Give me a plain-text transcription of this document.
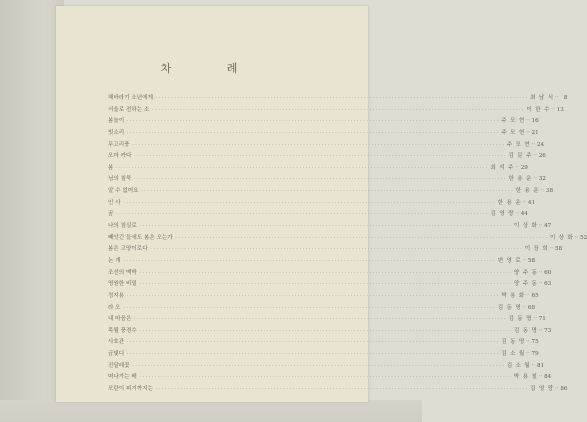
차 례
해바라기 소년에게 ························································································································ 최 남 식 ·· 8
서울로 전하는 소 ························································································································ 이 한 수 ·· 13
봄놀이 ························································································································ 주 모 현 ·· 16
빗소리 ························································································································ 주 모 현 ·· 21
무고리풍 ························································································································ 주 모 현 ·· 24
오마 카다 ························································································································ 김 문 주 ·· 26
봄 ························································································································ 최 석 주 ·· 29
님의 침묵 ························································································································ 한 용 운 ·· 32
알 수 없어요 ························································································································ 한 용 운 ·· 38
인 사 ························································································································ 한 용 운 ·· 41
꿈 ························································································································ 김 영 랑 ·· 44
나의 침실로 ························································································································ 이 상 화 ·· 47
빼앗긴 들에도 봄은 오는가 ························································································································ 이 상 화 ·· 52
봄은 고양이로다 ························································································································ 이 장 희 ·· 58
논 개 ························································································································ 변 영 로 ·· 58
조선의 맥박 ························································································································ 양 주 동 ·· 60
영원한 비밀 ························································································································ 양 주 동 ·· 63
정지용 ························································································································ 박 용 화 ·· 65
라 오 ························································································································ 김 동 명 ·· 68
내 마음은 ························································································································ 김 동 명 ·· 71
목월 풍경수 ························································································································ 김 동 명 ·· 73
사호관 ························································································································ 김 동 명 ·· 75
금빛디 ························································································································ 김 소 월 ·· 79
진달래꽃 ························································································································ 김 소 월 ·· 81
떠나가는 배 ························································································································ 박 용 철 ·· 84
모란이 피기까지는 ························································································································ 김 영 랑 ·· 86
